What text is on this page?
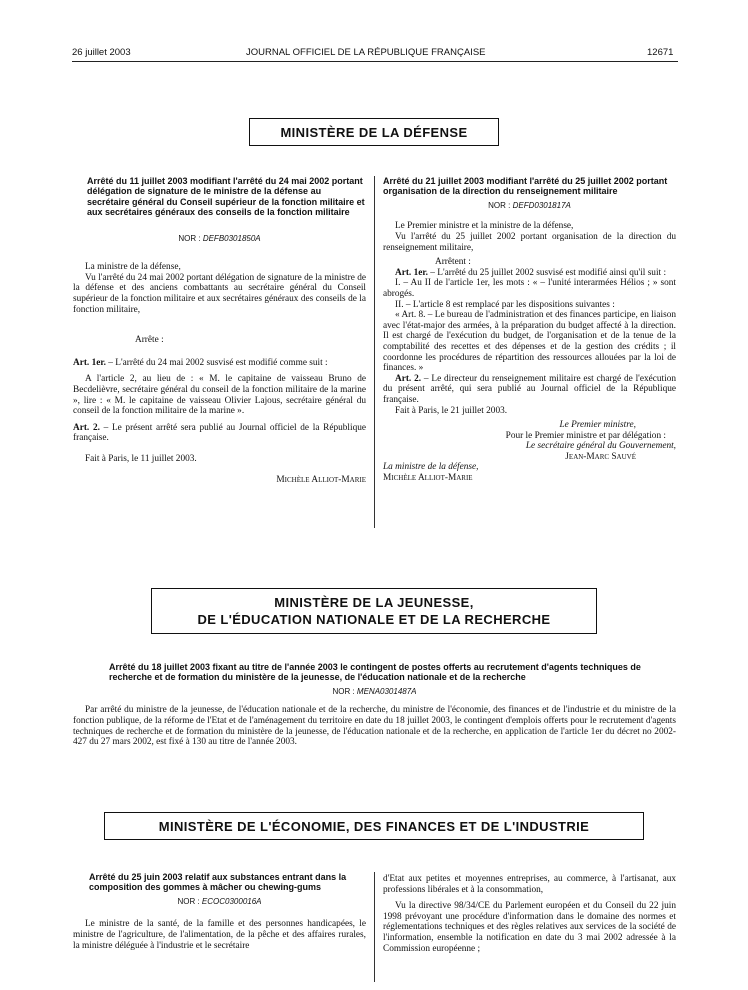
26 juillet 2003	JOURNAL OFFICIEL DE LA RÉPUBLIQUE FRANÇAISE	12671
MINISTÈRE DE LA DÉFENSE

Arrêté du 11 juillet 2003 modifiant l'arrêté du 24 mai 2002 portant délégation de signature de le ministre de la défense au secrétaire général du Conseil supérieur de la fonction militaire et aux secrétaires généraux des conseils de la fonction militaire

NOR : DEFB0301850A

La ministre de la défense,

Vu l'arrêté du 24 mai 2002 portant délégation de signature de la ministre de la défense et des anciens combattants au secrétaire général du Conseil supérieur de la fonction militaire et aux secrétaires généraux des conseils de la fonction militaire,

Arrête :

Art. 1er. – L'arrêté du 24 mai 2002 susvisé est modifié comme suit :

A l'article 2, au lieu de : « M. le capitaine de vaisseau Bruno de Becdelièvre, secrétaire général du conseil de la fonction militaire de la marine », lire : « M. le capitaine de vaisseau Olivier Lajous, secrétaire général du conseil de la fonction militaire de la marine ».

Art. 2. – Le présent arrêté sera publié au Journal officiel de la République française.

Fait à Paris, le 11 juillet 2003.

Michèle Alliot-Marie

Arrêté du 21 juillet 2003 modifiant l'arrêté du 25 juillet 2002 portant organisation de la direction du renseignement militaire

NOR : DEFD0301817A

Le Premier ministre et la ministre de la défense,

Vu l'arrêté du 25 juillet 2002 portant organisation de la direction du renseignement militaire,

Arrêtent :

Art. 1er. – L'arrêté du 25 juillet 2002 susvisé est modifié ainsi qu'il suit :

I. – Au II de l'article 1er, les mots : « – l'unité interarmées Hélios ; » sont abrogés.

II. – L'article 8 est remplacé par les dispositions suivantes :

« Art. 8. – Le bureau de l'administration et des finances participe, en liaison avec l'état-major des armées, à la préparation du budget affecté à la direction. Il est chargé de l'exécution du budget, de l'organisation et de la tenue de la comptabilité des recettes et des dépenses et de la gestion des crédits ; il coordonne les procédures de répartition des ressources allouées par la loi de finances. »

Art. 2. – Le directeur du renseignement militaire est chargé de l'exécution du présent arrêté, qui sera publié au Journal officiel de la République française.

Fait à Paris, le 21 juillet 2003.

Le Premier ministre,

Pour le Premier ministre et par délégation :

Le secrétaire général du Gouvernement,

Jean-Marc Sauvé

La ministre de la défense,

Michèle Alliot-Marie

MINISTÈRE DE LA JEUNESSE,
DE L'ÉDUCATION NATIONALE ET DE LA RECHERCHE

Arrêté du 18 juillet 2003 fixant au titre de l'année 2003 le contingent de postes offerts au recrutement d'agents techniques de recherche et de formation du ministère de la jeunesse, de l'éducation nationale et de la recherche

NOR : MENA0301487A

Par arrêté du ministre de la jeunesse, de l'éducation nationale et de la recherche, du ministre de l'économie, des finances et de l'industrie et du ministre de la fonction publique, de la réforme de l'Etat et de l'aménagement du territoire en date du 18 juillet 2003, le contingent d'emplois offerts pour le recrutement d'agents techniques de recherche et de formation du ministère de la jeunesse, de l'éducation nationale et de la recherche, en application de l'article 1er du décret no 2002-427 du 27 mars 2002, est fixé à 130 au titre de l'année 2003.

MINISTÈRE DE L'ÉCONOMIE, DES FINANCES ET DE L'INDUSTRIE

Arrêté du 25 juin 2003 relatif aux substances entrant dans la composition des gommes à mâcher ou chewing-gums

NOR : ECOC0300016A

Le ministre de la santé, de la famille et des personnes handicapées, le ministre de l'agriculture, de l'alimentation, de la pêche et des affaires rurales, la ministre déléguée à l'industrie et le secrétaire

d'Etat aux petites et moyennes entreprises, au commerce, à l'artisanat, aux professions libérales et à la consommation,

Vu la directive 98/34/CE du Parlement européen et du Conseil du 22 juin 1998 prévoyant une procédure d'information dans le domaine des normes et réglementations techniques et des règles relatives aux services de la société de l'information, ensemble la notification en date du 3 mai 2002 adressée à la Commission européenne ;
